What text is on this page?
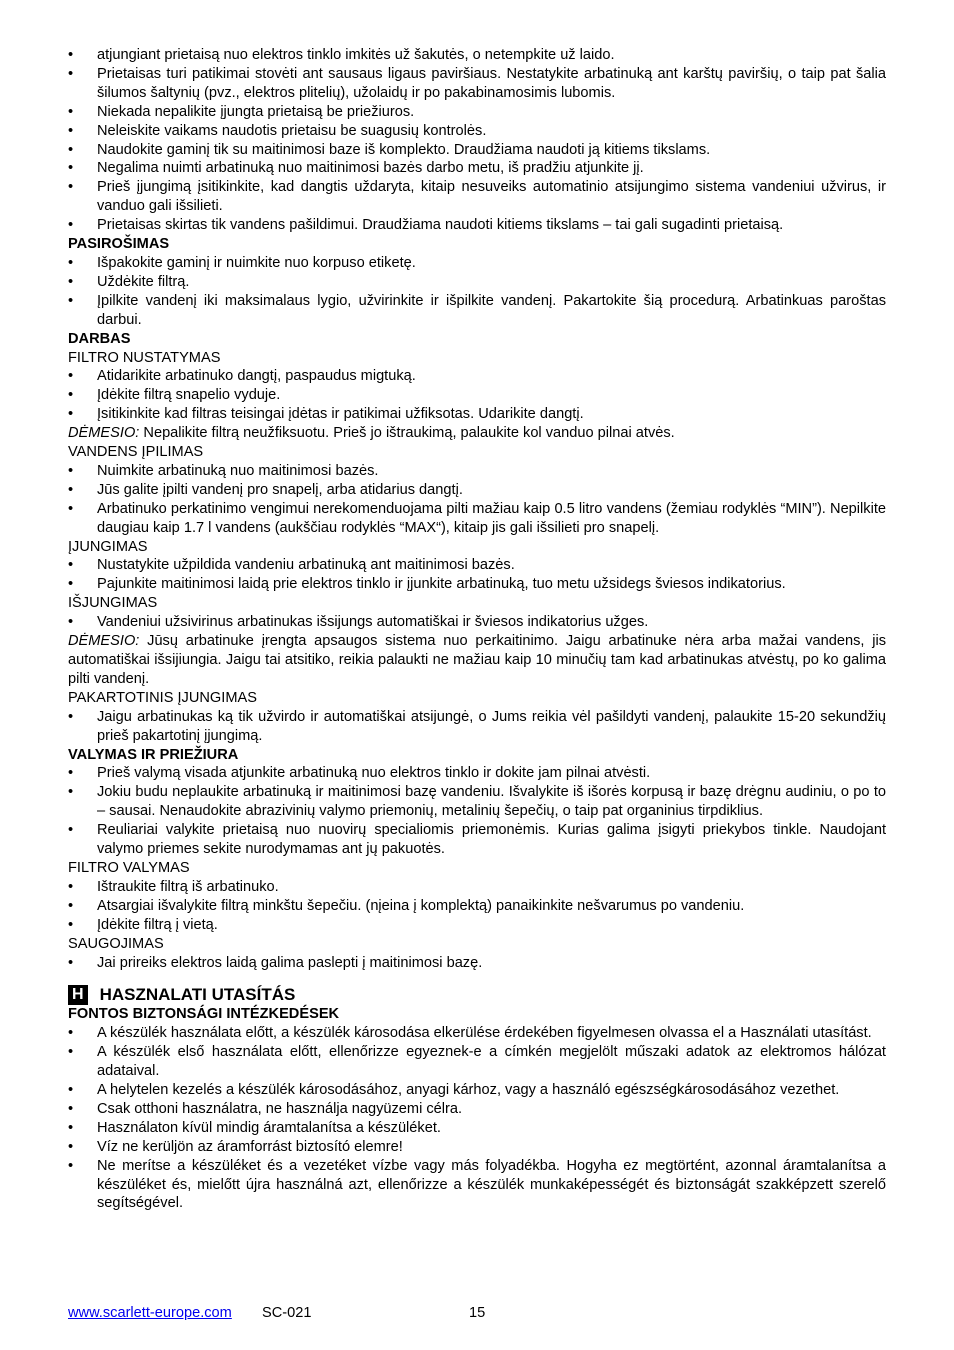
• atjungiant prietaisą nuo elektros tinklo imkitės už šakutės, o netempkite už laido.
• Prietaisas turi patikimai stovėti ant sausaus ligaus paviršiaus. Nestatykite arbatinuką ant karštų paviršių, o taip pat šalia šilumos šaltynių (pvz., elektros plitelių), užolaidų ir po pakabinamosimis lubomis.
• Niekada nepalikite įjungta prietaisą be priežiuros.
• Neleiskite vaikams naudotis prietaisu be suagusių kontrolės.
• Naudokite gaminį tik su maitinimosi baze iš komplekto. Draudžiama naudoti ją kitiems tikslams.
• Negalima nuimti arbatinuką nuo maitinimosi bazės darbo metu, iš pradžiu atjunkite jį.
• Prieš įjungimą įsitikinkite, kad dangtis uždaryta, kitaip nesuveiks automatinio atsijungimo sistema vandeniui užvirus, ir vanduo gali išsilieti.
• Prietaisas skirtas tik vandens pašildimui. Draudžiama naudoti kitiems tikslams – tai gali sugadinti prietaisą.
PASIROŠIMAS
• Išpakokite gaminį ir nuimkite nuo korpuso etiketę.
• Uždėkite filtrą.
• Įpilkite vandenį iki maksimalaus lygio, užvirinkite ir išpilkite vandenį. Pakartokite šią procedurą. Arbatinkuas paroštas darbui.
DARBAS
FILTRO NUSTATYMAS
• Atidarikite arbatinuko dangtį, paspaudus migtuką.
• Įdėkite filtrą snapelio vyduje.
• Įsitikinkite kad filtras teisingai įdėtas ir patikimai užfiksotas. Udarikite dangtį.
DĖMESIO: Nepalikite filtrą neužfiksuotu. Prieš jo ištraukimą, palaukite kol vanduo pilnai atvės.
VANDENS ĮPILIMAS
• Nuimkite arbatinuką nuo maitinimosi bazės.
• Jūs galite įpilti vandenį pro snapelį, arba atidarius dangtį.
• Arbatinuko perkatinimo vengimui nerekomenduojama pilti mažiau kaip 0.5 litro vandens (žemiau rodyklės “MIN”). Nepilkite daugiau kaip 1.7 l vandens (aukščiau rodyklės “MAX“), kitaip jis gali išsilieti pro snapelį.
ĮJUNGIMAS
• Nustatykite užpildida vandeniu arbatinuką ant maitinimosi bazės.
• Pajunkite maitinimosi laidą prie elektros tinklo ir įjunkite arbatinuką, tuo metu užsidegs šviesos indikatorius.
IŠJUNGIMAS
• Vandeniui užsivirinus arbatinukas išsijungs automatiškai ir šviesos indikatorius užges.
DĖMESIO: Jūsų arbatinuke įrengta apsaugos sistema nuo perkaitinimo. Jaigu arbatinuke nėra arba mažai vandens, jis automatiškai išsijiungia. Jaigu tai atsitiko, reikia palaukti ne mažiau kaip 10 minučių tam kad arbatinukas atvėstų, po ko galima pilti vandenį.
PAKARTOTINIS ĮJUNGIMAS
• Jaigu arbatinukas ką tik užvirdo ir automatiškai atsijungė, o Jums reikia vėl pašildyti vandenį, palaukite 15-20 sekundžių prieš pakartotinį įjungimą.
VALYMAS IR PRIEŽIURA
• Prieš valymą visada atjunkite arbatinuką nuo elektros tinklo ir dokite jam pilnai atvėsti.
• Jokiu budu neplaukite arbatinuką ir maitinimosi bazę vandeniu. Išvalykite iš išorės korpusą ir bazę drėgnu audiniu, o po to – sausai. Nenaudokite abrazivinių valymo priemonių, metalinių šepečių, o taip pat organinius tirpdiklius.
• Reuliariai valykite prietaisą nuo nuovirų specialiomis priemonėmis. Kurias galima įsigyti priekybos tinkle. Naudojant valymo priemes sekite nurodymamas ant jų pakuotės.
FILTRO VALYMAS
• Ištraukite filtrą iš arbatinuko.
• Atsargiai išvalykite filtrą minkštu šepečiu. (nįeina į komplektą) panaikinkite nešvarumus po vandeniu.
• Įdėkite filtrą į vietą.
SAUGOJIMAS
• Jai prireiks elektros laidą galima paslepti į maitinimosi bazę.
H HASZNALATI UTASÍTÁS
FONTOS BIZTONSÁGI INTÉZKEDÉSEK
• A készülék használata előtt, a készülék károsodása elkerülése érdekében figyelmesen olvassa el a Használati utasítást.
• A készülék első használata előtt, ellenőrizze egyeznek-e a címkén megjelölt műszaki adatok az elektromos hálózat adataival.
• A helytelen kezelés a készülék károsodásához, anyagi kárhoz, vagy a használó egészségkárosodásához vezethet.
• Csak otthoni használatra, ne használja nagyüzemi célra.
• Használaton kívül mindig áramtalanítsa a készüléket.
• Víz ne kerüljön az áramforrást biztosító elemre!
• Ne merítse a készüléket és a vezetéket vízbe vagy más folyadékba. Hogyha ez megtörtént, azonnal áramtalanítsa a készüléket és, mielőtt újra használná azt, ellenőrizze a készülék munkaképességét és biztonságát szakképzett szerelő segítségével.
www.scarlett-europe.com SC-021	15
